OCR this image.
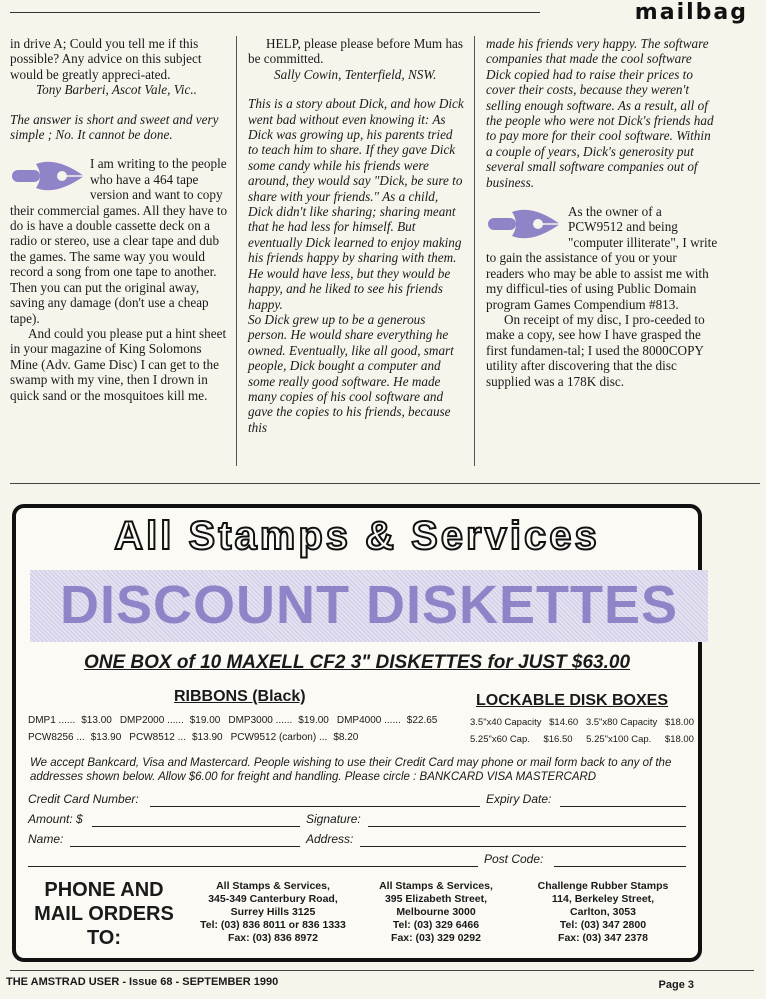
mailbag

in drive A; Could you tell me if this possible? Any advice on this subject would be greatly appreci-ated.

Tony Barberi, Ascot Vale, Vic..

The answer is short and sweet and very simple ; No. It cannot be done.

I am writing to the people who have a 464 tape version and want to copy their commercial games. All they have to do is have a double cassette deck on a radio or stereo, use a clear tape and dub the games. The same way you would record a song from one tape to another. Then you can put the original away, saving any damage (don't use a cheap tape).

And could you please put a hint sheet in your magazine of King Solomons Mine (Adv. Game Disc) I can get to the swamp with my vine, then I drown in quick sand or the mosquitoes kill me.

HELP, please please before Mum has be committed.

Sally Cowin, Tenterfield, NSW.

This is a story about Dick, and how Dick went bad without even knowing it: As Dick was growing up, his parents tried to teach him to share. If they gave Dick some candy while his friends were around, they would say "Dick, be sure to share with your friends." As a child, Dick didn't like sharing; sharing meant that he had less for himself. But eventually Dick learned to enjoy making his friends happy by sharing with them. He would have less, but they would be happy, and he liked to see his friends happy.

So Dick grew up to be a generous person. He would share everything he owned. Eventually, like all good, smart people, Dick bought a computer and some really good software. He made many copies of his cool software and gave the copies to his friends, because this

made his friends very happy. The software companies that made the cool software Dick copied had to raise their prices to cover their costs, because they weren't selling enough software. As a result, all of the people who were not Dick's friends had to pay more for their cool software. Within a couple of years, Dick's generosity put several small software companies out of business.

As the owner of a PCW9512 and being "computer illiterate", I write to gain the assistance of you or your readers who may be able to assist me with my difficul-ties of using Public Domain program Games Compendium #813.

On receipt of my disc, I pro-ceeded to make a copy, see how I have grasped the first fundamen-tal; I used the 8000COPY utility after discovering that the disc supplied was a 178K disc.

All Stamps & Services
DISCOUNT DISKETTES
ONE BOX of 10 MAXELL CF2 3" DISKETTES for JUST $63.00
RIBBONS (Black)	LOCKABLE DISK BOXES
DMP1 ...... $13.00 DMP2000 ...... $19.00 DMP3000 ...... $19.00 DMP4000 ...... $22.65
PCW8256 ... $13.90 PCW8512 ... $13.90 PCW9512 (carbon) ... $8.20
3.5"x40 Capacity $14.60 3.5"x80 Capacity $18.00
5.25"x60 Cap. $16.50 5.25"x100 Cap. $18.00
We accept Bankcard, Visa and Mastercard. People wishing to use their Credit Card may phone or mail form back to any of the addresses shown below. Allow $6.00 for freight and handling. Please circle : BANKCARD VISA MASTERCARD
Credit Card Number:	Expiry Date:
Amount: $	Signature:
Name:	Address:
Post Code:
PHONE AND MAIL ORDERS TO:
All Stamps & Services,
345-349 Canterbury Road,
Surrey Hills 3125
Tel: (03) 836 8011 or 836 1333
Fax: (03) 836 8972
All Stamps & Services,
395 Elizabeth Street,
Melbourne 3000
Tel: (03) 329 6466
Fax: (03) 329 0292
Challenge Rubber Stamps
114, Berkeley Street,
Carlton, 3053
Tel: (03) 347 2800
Fax: (03) 347 2378
THE AMSTRAD USER - Issue 68 - SEPTEMBER 1990	Page 3
